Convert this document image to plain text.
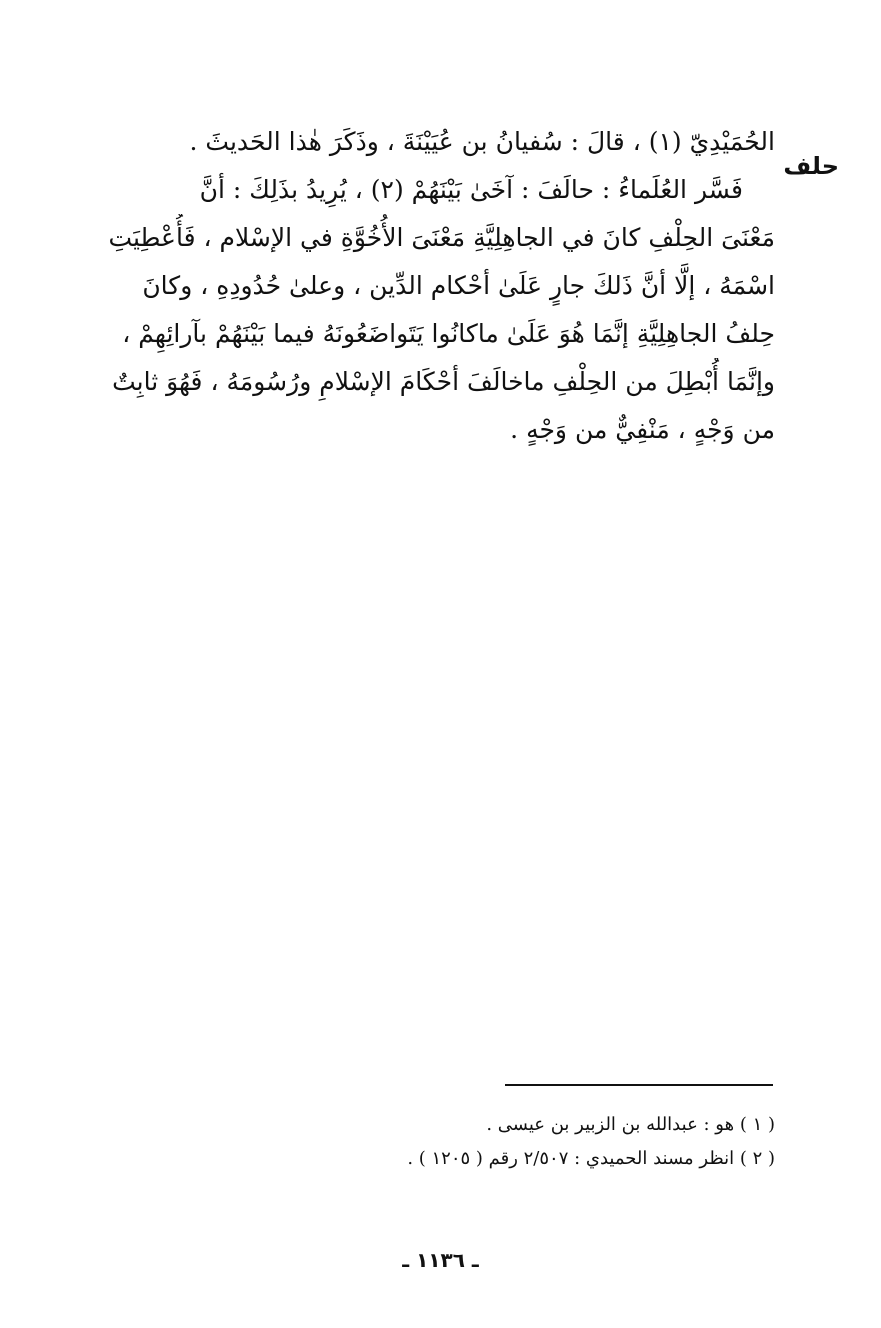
حلف
الحُمَيْدِيّ (١) ، قالَ : سُفيانُ بن عُيَيْنَةَ ، وذَكَرَ هٰذا الحَديثَ .
فَسَّر العُلَماءُ : حالَفَ : آخَىٰ بَيْنَهُمْ (٢) ، يُرِيدُ بذَلِكَ : أنَّ
مَعْنَىَ الحِلْفِ كانَ في الجاهِلِيَّةِ مَعْنَىَ الأُخُوَّةِ في الإسْلام ، فَأُعْطِيَتِ
اسْمَهُ ، إلَّا أنَّ ذَلكَ جارٍ عَلَىٰ أحْكام الدِّين ، وعلىٰ حُدُودِهِ ، وكانَ
حِلفُ الجاهِلِيَّةِ إنَّمَا هُوَ عَلَىٰ ماكانُوا يَتَواضَعُونَهُ فيما بَيْنَهُمْ بآرائِهِمْ ،
وإنَّمَا أُبْطِلَ من الحِلْفِ ماخالَفَ أحْكَامَ الإسْلامِ ورُسُومَهُ ، فَهُوَ ثابِتٌ
من وَجْهٍ ، مَنْفِيٌّ من وَجْهٍ .
( ١ ) هو : عبدالله بن الزبير بن عيسى .
( ٢ ) انظر مسند الحميدي : ٢/٥٠٧ رقم ( ١٢٠٥ ) .
ـ ١١٣٦ ـ
